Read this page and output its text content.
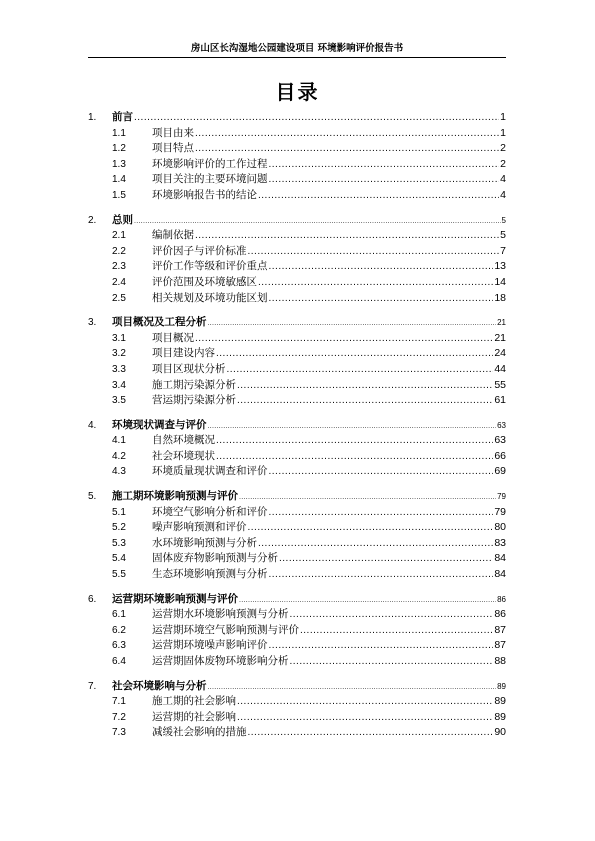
房山区长沟湿地公园建设项目 环境影响评价报告书
目录
1.	前言 .....	1
1.1	项目由来 .....	1
1.2	项目特点 .....	2
1.3	环境影响评价的工作过程 .....	2
1.4	项目关注的主要环境问题 .....	4
1.5	环境影响报告书的结论 .....	4
2.	总则 .....	5
2.1	编制依据 .....	5
2.2	评价因子与评价标准 .....	7
2.3	评价工作等级和评价重点 .....	13
2.4	评价范围及环境敏感区 .....	14
2.5	相关规划及环境功能区划 .....	18
3.	项目概况及工程分析 .....	21
3.1	项目概况 .....	21
3.2	项目建设内容 .....	24
3.3	项目区现状分析 .....	44
3.4	施工期污染源分析 .....	55
3.5	营运期污染源分析 .....	61
4.	环境现状调查与评价 .....	63
4.1	自然环境概况 .....	63
4.2	社会环境现状 .....	66
4.3	环境质量现状调查和评价 .....	69
5.	施工期环境影响预测与评价 .....	79
5.1	环境空气影响分析和评价 .....	79
5.2	噪声影响预测和评价 .....	80
5.3	水环境影响预测与分析 .....	83
5.4	固体废弃物影响预测与分析 .....	84
5.5	生态环境影响预测与分析 .....	84
6.	运营期环境影响预测与评价 .....	86
6.1	运营期水环境影响预测与分析 .....	86
6.2	运营期环境空气影响预测与评价 .....	87
6.3	运营期环境噪声影响评价 .....	87
6.4	运营期固体废物环境影响分析 .....	88
7.	社会环境影响与分析 .....	89
7.1	施工期的社会影响 .....	89
7.2	运营期的社会影响 .....	89
7.3	减缓社会影响的措施 .....	90
